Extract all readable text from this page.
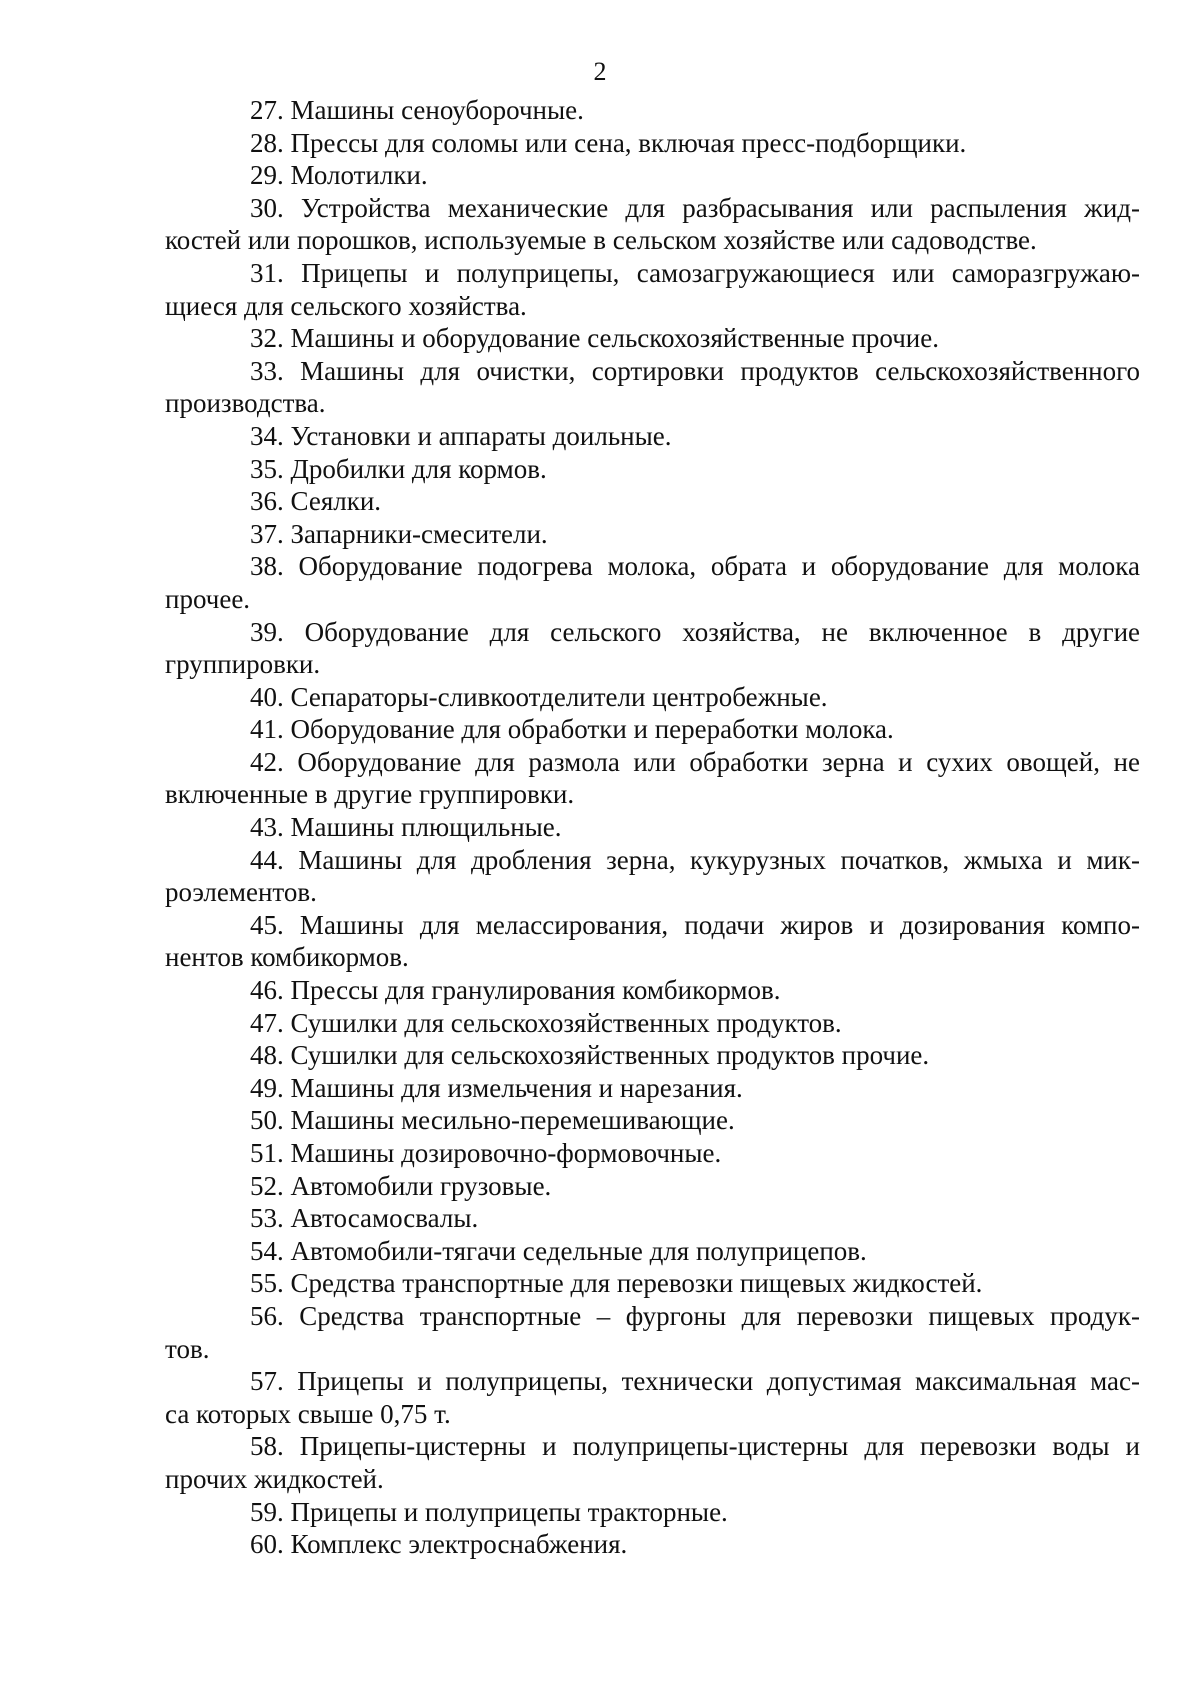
2

27. Машины сеноуборочные.

28. Прессы для соломы или сена, включая пресс-подборщики.

29. Молотилки.

30. Устройства механические для разбрасывания или распыления жид-
костей или порошков, используемые в сельском хозяйстве или садоводстве.

31. Прицепы и полуприцепы, самозагружающиеся или саморазгружаю-
щиеся для сельского хозяйства.

32. Машины и оборудование сельскохозяйственные прочие.

33. Машины для очистки, сортировки продуктов сельскохозяйственного
производства.

34. Установки и аппараты доильные.

35. Дробилки для кормов.

36. Сеялки.

37. Запарники-смесители.

38. Оборудование подогрева молока, обрата и оборудование для молока
прочее.

39. Оборудование для сельского хозяйства, не включенное в другие
группировки.

40. Сепараторы-сливкоотделители центробежные.

41. Оборудование для обработки и переработки молока.

42. Оборудование для размола или обработки зерна и сухих овощей, не
включенные в другие группировки.

43. Машины плющильные.

44. Машины для дробления зерна, кукурузных початков, жмыха и мик-
роэлементов.

45. Машины для мелассирования, подачи жиров и дозирования компо-
нентов комбикормов.

46. Прессы для гранулирования комбикормов.

47. Сушилки для сельскохозяйственных продуктов.

48. Сушилки для сельскохозяйственных продуктов прочие.

49. Машины для измельчения и нарезания.

50. Машины месильно-перемешивающие.

51. Машины дозировочно-формовочные.

52. Автомобили грузовые.

53. Автосамосвалы.

54. Автомобили-тягачи седельные для полуприцепов.

55. Средства транспортные для перевозки пищевых жидкостей.

56. Средства транспортные – фургоны для перевозки пищевых продук-
тов.

57. Прицепы и полуприцепы, технически допустимая максимальная мас-
са которых свыше 0,75 т.

58. Прицепы-цистерны и полуприцепы-цистерны для перевозки воды и
прочих жидкостей.

59. Прицепы и полуприцепы тракторные.

60. Комплекс электроснабжения.
